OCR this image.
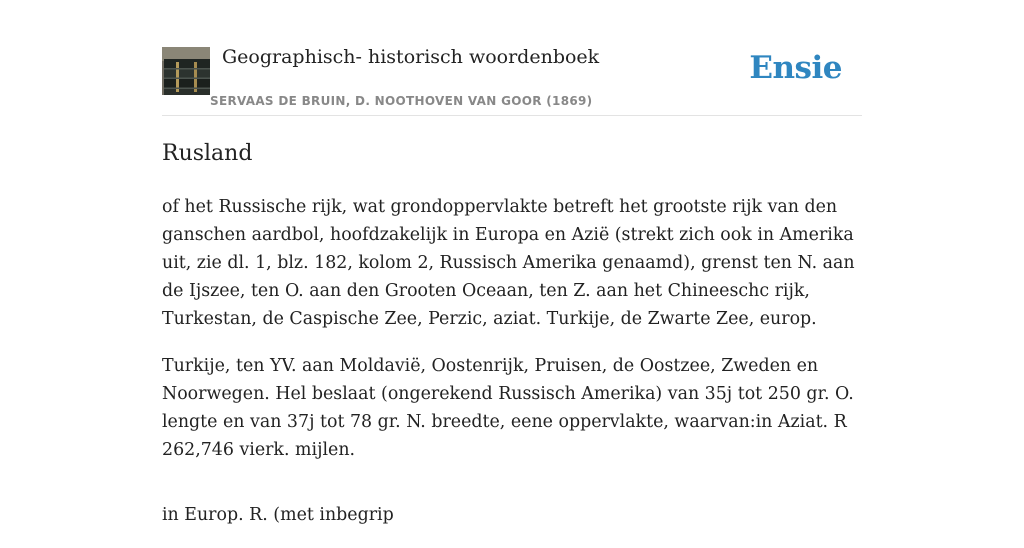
Geographisch- historisch woordenboek
SERVAAS DE BRUIN, D. NOOTHOVEN VAN GOOR (1869)
Ensie
Rusland

of het Russische rijk, wat grondoppervlakte betreft het grootste rijk van den ganschen aardbol, hoofdzakelijk in Europa en Azië (strekt zich ook in Amerika uit, zie dl. 1, blz. 182, kolom 2, Russisch Amerika genaamd), grenst ten N. aan de Ijszee, ten O. aan den Grooten Oceaan, ten Z. aan het Chineeschc rijk, Turkestan, de Caspische Zee, Perzic, aziat. Turkije, de Zwarte Zee, europ.

Turkije, ten YV. aan Moldavië, Oostenrijk, Pruisen, de Oostzee, Zweden en Noorwegen. Hel beslaat (ongerekend Russisch Amerika) van 35j tot 250 gr. O. lengte en van 37j tot 78 gr. N. breedte, eene oppervlakte, waarvan:in Aziat. R 262,746 vierk. mijlen.

in Europ. R. (met inbegrip
